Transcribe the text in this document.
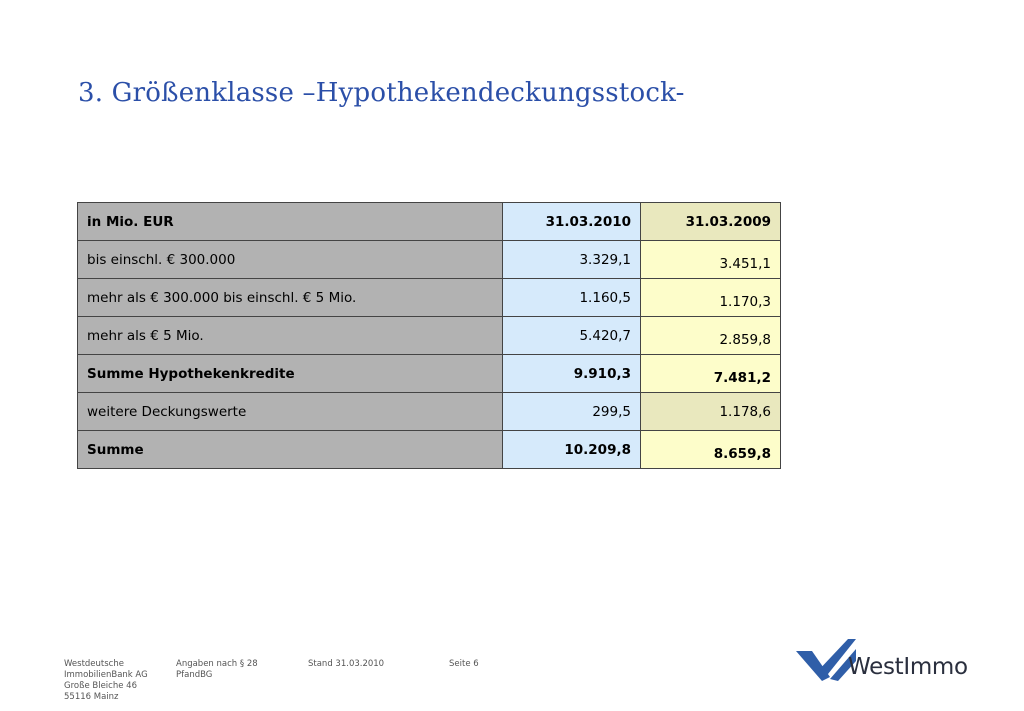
3. Größenklasse –Hypothekendeckungsstock-
in Mio. EUR	31.03.2010	31.03.2009
bis einschl. € 300.000	3.329,1	3.451,1
mehr als € 300.000 bis einschl. € 5 Mio.	1.160,5	1.170,3
mehr als € 5 Mio.	5.420,7	2.859,8
Summe Hypothekenkredite	9.910,3	7.481,2
weitere Deckungswerte	299,5	1.178,6
Summe	10.209,8	8.659,8
Westdeutsche
ImmobilienBank AG
Große Bleiche 46
55116 Mainz
Angaben nach § 28
PfandBG
Stand 31.03.2010	Seite 6	WestImmo
